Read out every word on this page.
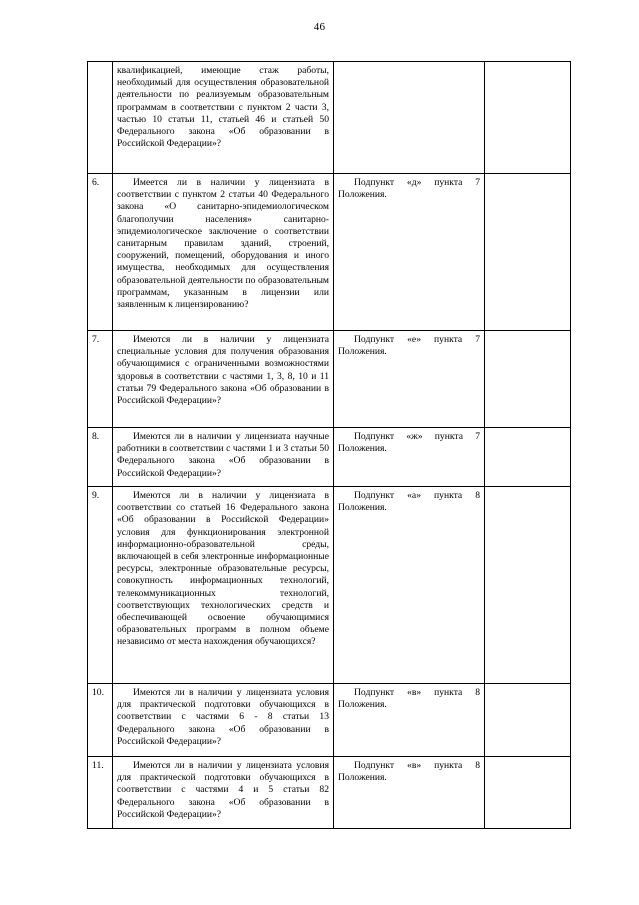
46

	квалификацией, имеющие стаж работы, необходимый для осуществления образовательной деятельности по реализуемым образовательным программам в соответствии с пунктом 2 части 3, частью 10 статьи 11, статьей 46 и статьей 50 Федерального закона «Об образовании в Российской Федерации»?		

6.	Имеется ли в наличии у лицензиата в соответствии с пунктом 2 статьи 40 Федерального закона «О санитарно-эпидемиологическом благополучии населения» санитарно-эпидемиологическое заключение о соответствии санитарным правилам зданий, строений, сооружений, помещений, оборудования и иного имущества, необходимых для осуществления образовательной деятельности по образовательным программам, указанным в лицензии или заявленным к лицензированию?	Подпункт «д» пункта 7 Положения.	

7.	Имеются ли в наличии у лицензиата специальные условия для получения образования обучающимися с ограниченными возможностями здоровья в соответствии с частями 1, 3, 8, 10 и 11 статьи 79 Федерального закона «Об образовании в Российской Федерации»?	Подпункт «е» пункта 7 Положения.	

8.	Имеются ли в наличии у лицензиата научные работники в соответствии с частями 1 и 3 статьи 50 Федерального закона «Об образовании в Российской Федерации»?	Подпункт «ж» пункта 7 Положения.	

9.	Имеются ли в наличии у лицензиата в соответствии со статьей 16 Федерального закона «Об образовании в Российской Федерации» условия для функционирования электронной информационно-образовательной среды, включающей в себя электронные информационные ресурсы, электронные образовательные ресурсы, совокупность информационных технологий, телекоммуникационных технологий, соответствующих технологических средств и обеспечивающей освоение обучающимися образовательных программ в полном объеме независимо от места нахождения обучающихся?	Подпункт «а» пункта 8 Положения.	

10.	Имеются ли в наличии у лицензиата условия для практической подготовки обучающихся в соответствии с частями 6 - 8 статьи 13 Федерального закона «Об образовании в Российской Федерации»?	Подпункт «в» пункта 8 Положения.	

11.	Имеются ли в наличии у лицензиата условия для практической подготовки обучающихся в соответствии с частями 4 и 5 статьи 82 Федерального закона «Об образовании в Российской Федерации»?	Подпункт «в» пункта 8 Положения.	
